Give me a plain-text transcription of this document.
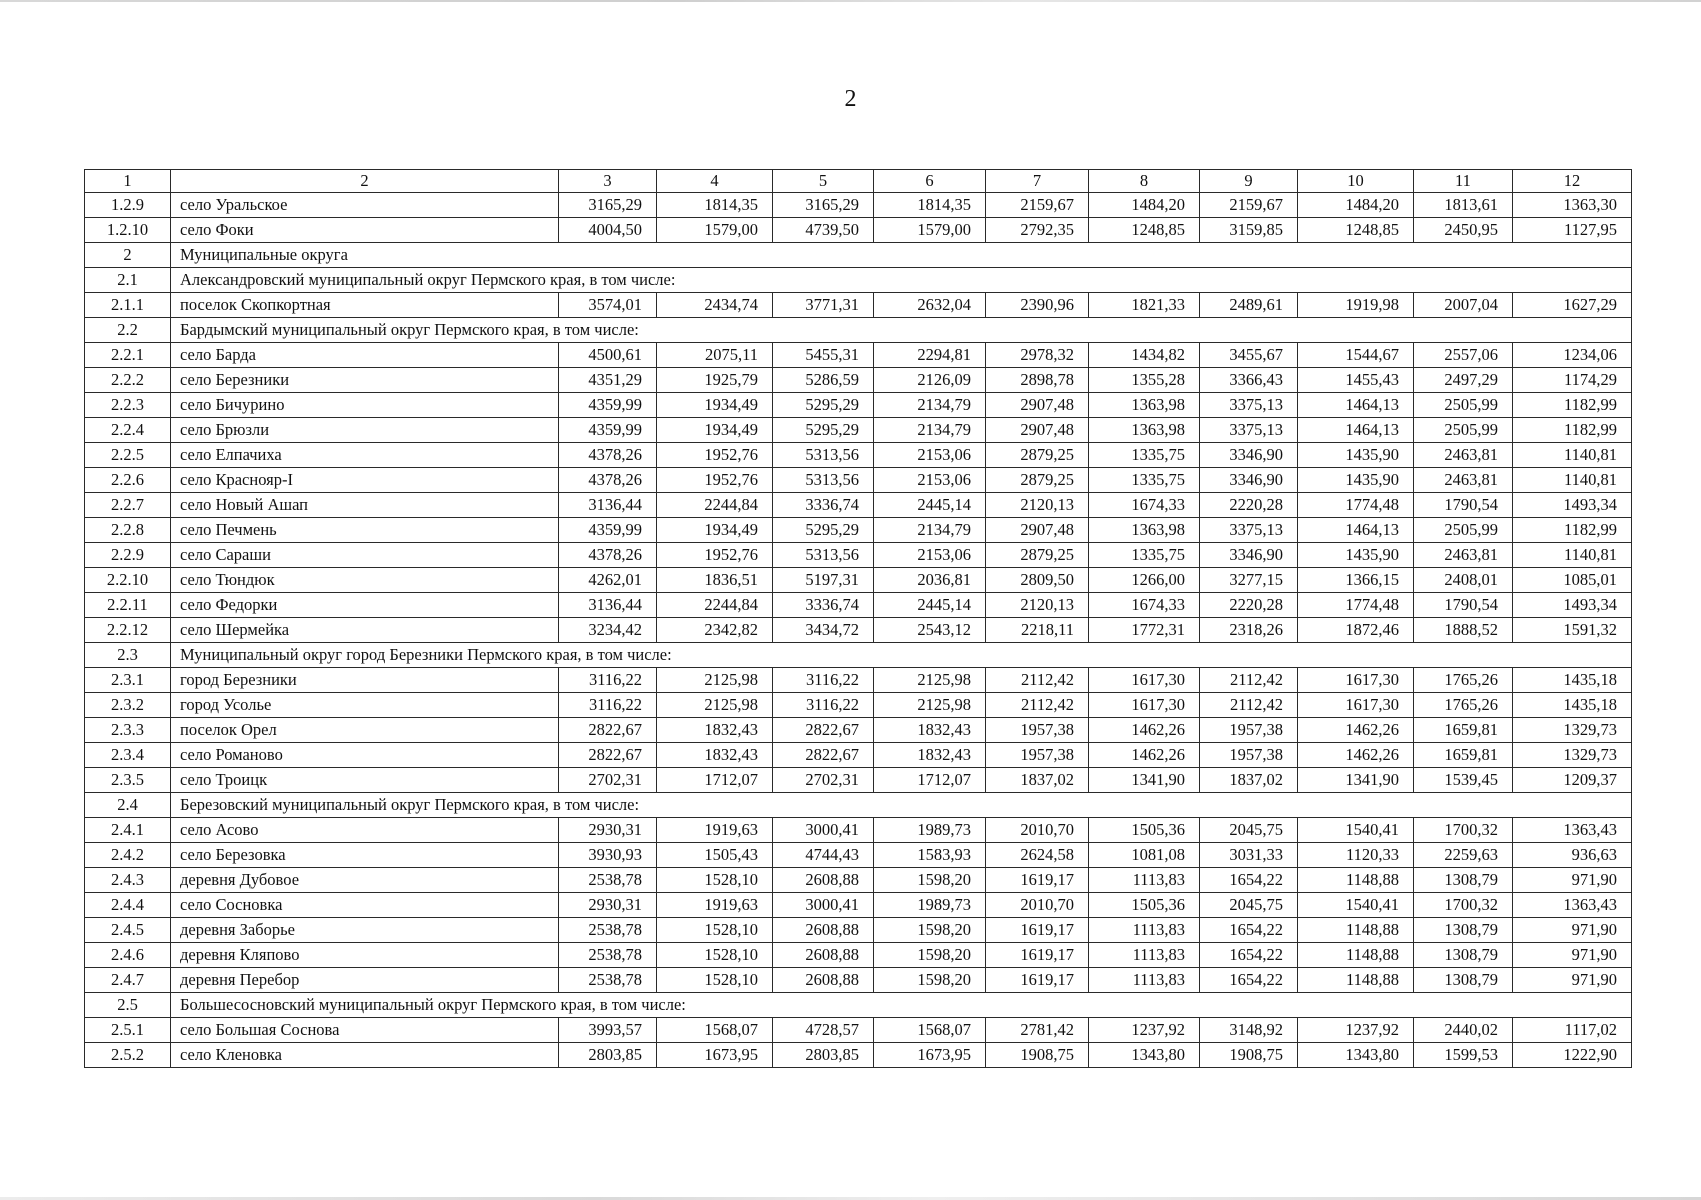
2
1	2	3	4	5	6	7	8	9	10	11	12
1.2.9	село Уральское	3165,29	1814,35	3165,29	1814,35	2159,67	1484,20	2159,67	1484,20	1813,61	1363,30
1.2.10	село Фоки	4004,50	1579,00	4739,50	1579,00	2792,35	1248,85	3159,85	1248,85	2450,95	1127,95
2	Муниципальные округа										
2.1	Александровский муниципальный округ Пермского края, в том числе:										
2.1.1	поселок Скопкортная	3574,01	2434,74	3771,31	2632,04	2390,96	1821,33	2489,61	1919,98	2007,04	1627,29
2.2	Бардымский муниципальный округ Пермского края, в том числе:										
2.2.1	село Барда	4500,61	2075,11	5455,31	2294,81	2978,32	1434,82	3455,67	1544,67	2557,06	1234,06
2.2.2	село Березники	4351,29	1925,79	5286,59	2126,09	2898,78	1355,28	3366,43	1455,43	2497,29	1174,29
2.2.3	село Бичурино	4359,99	1934,49	5295,29	2134,79	2907,48	1363,98	3375,13	1464,13	2505,99	1182,99
2.2.4	село Брюзли	4359,99	1934,49	5295,29	2134,79	2907,48	1363,98	3375,13	1464,13	2505,99	1182,99
2.2.5	село Елпачиха	4378,26	1952,76	5313,56	2153,06	2879,25	1335,75	3346,90	1435,90	2463,81	1140,81
2.2.6	село Краснояр-I	4378,26	1952,76	5313,56	2153,06	2879,25	1335,75	3346,90	1435,90	2463,81	1140,81
2.2.7	село Новый Ашап	3136,44	2244,84	3336,74	2445,14	2120,13	1674,33	2220,28	1774,48	1790,54	1493,34
2.2.8	село Печмень	4359,99	1934,49	5295,29	2134,79	2907,48	1363,98	3375,13	1464,13	2505,99	1182,99
2.2.9	село Сараши	4378,26	1952,76	5313,56	2153,06	2879,25	1335,75	3346,90	1435,90	2463,81	1140,81
2.2.10	село Тюндюк	4262,01	1836,51	5197,31	2036,81	2809,50	1266,00	3277,15	1366,15	2408,01	1085,01
2.2.11	село Федорки	3136,44	2244,84	3336,74	2445,14	2120,13	1674,33	2220,28	1774,48	1790,54	1493,34
2.2.12	село Шермейка	3234,42	2342,82	3434,72	2543,12	2218,11	1772,31	2318,26	1872,46	1888,52	1591,32
2.3	Муниципальный округ город Березники Пермского края, в том числе:										
2.3.1	город Березники	3116,22	2125,98	3116,22	2125,98	2112,42	1617,30	2112,42	1617,30	1765,26	1435,18
2.3.2	город Усолье	3116,22	2125,98	3116,22	2125,98	2112,42	1617,30	2112,42	1617,30	1765,26	1435,18
2.3.3	поселок Орел	2822,67	1832,43	2822,67	1832,43	1957,38	1462,26	1957,38	1462,26	1659,81	1329,73
2.3.4	село Романово	2822,67	1832,43	2822,67	1832,43	1957,38	1462,26	1957,38	1462,26	1659,81	1329,73
2.3.5	село Троицк	2702,31	1712,07	2702,31	1712,07	1837,02	1341,90	1837,02	1341,90	1539,45	1209,37
2.4	Березовский муниципальный округ Пермского края, в том числе:										
2.4.1	село Асово	2930,31	1919,63	3000,41	1989,73	2010,70	1505,36	2045,75	1540,41	1700,32	1363,43
2.4.2	село Березовка	3930,93	1505,43	4744,43	1583,93	2624,58	1081,08	3031,33	1120,33	2259,63	936,63
2.4.3	деревня Дубовое	2538,78	1528,10	2608,88	1598,20	1619,17	1113,83	1654,22	1148,88	1308,79	971,90
2.4.4	село Сосновка	2930,31	1919,63	3000,41	1989,73	2010,70	1505,36	2045,75	1540,41	1700,32	1363,43
2.4.5	деревня Заборье	2538,78	1528,10	2608,88	1598,20	1619,17	1113,83	1654,22	1148,88	1308,79	971,90
2.4.6	деревня Кляпово	2538,78	1528,10	2608,88	1598,20	1619,17	1113,83	1654,22	1148,88	1308,79	971,90
2.4.7	деревня Перебор	2538,78	1528,10	2608,88	1598,20	1619,17	1113,83	1654,22	1148,88	1308,79	971,90
2.5	Большесосновский муниципальный округ Пермского края, в том числе:										
2.5.1	село Большая Соснова	3993,57	1568,07	4728,57	1568,07	2781,42	1237,92	3148,92	1237,92	2440,02	1117,02
2.5.2	село Кленовка	2803,85	1673,95	2803,85	1673,95	1908,75	1343,80	1908,75	1343,80	1599,53	1222,90
